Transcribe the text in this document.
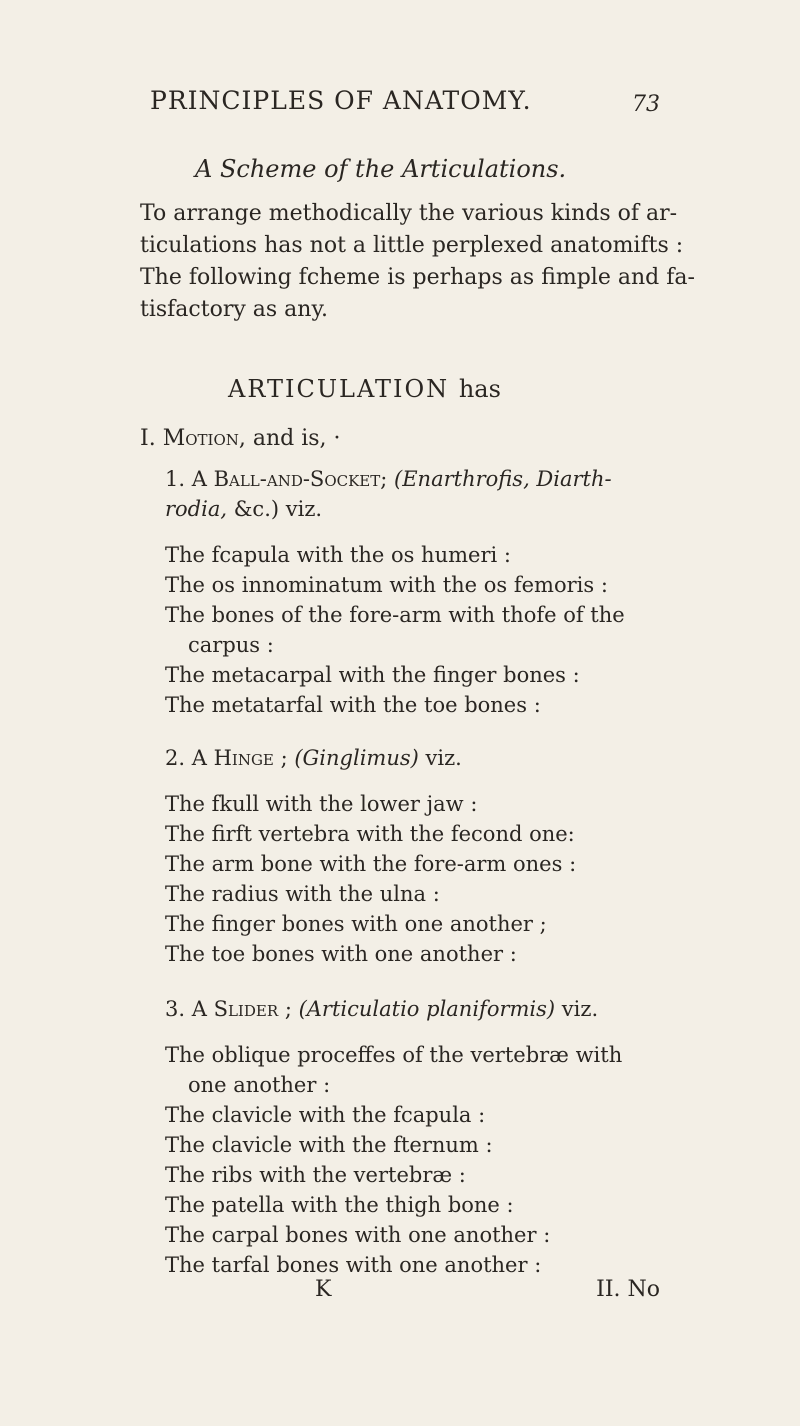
PRINCIPLES OF ANATOMY.	73
A Scheme of the Articulations.
To arrange methodically the various kinds of ar-
ticulations has not a little perplexed anatomifts :
The following fcheme is perhaps as fimple and fa-
tisfactory as any.
ARTICULATION has
I. Motion, and is, ·
1. A Ball-and-Socket; (Enarthrofis, Diarth-
rodia, &c.) viz.
The fcapula with the os humeri :
The os innominatum with the os femoris :
The bones of the fore-arm with thofe of the
carpus :
The metacarpal with the finger bones :
The metatarfal with the toe bones :
2. A Hinge ; (Ginglimus) viz.
The fkull with the lower jaw :
The firft vertebra with the fecond one:
The arm bone with the fore-arm ones :
The radius with the ulna :
The finger bones with one another ;
The toe bones with one another :
3. A Slider ; (Articulatio planiformis) viz.
The oblique proceffes of the vertebræ with
one another :
The clavicle with the fcapula :
The clavicle with the fternum :
The ribs with the vertebræ :
The patella with the thigh bone :
The carpal bones with one another :
The tarfal bones with one another :
K	II. No
